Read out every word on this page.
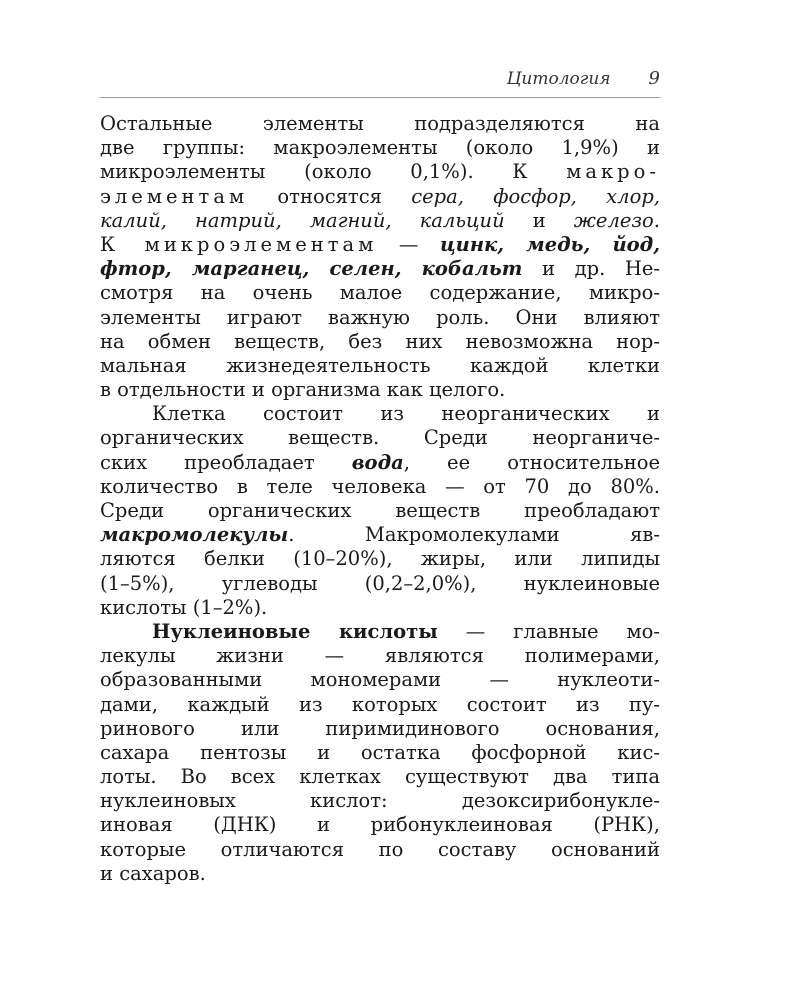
Цитология 9
Остальные элементы подразделяются на
две группы: макроэлементы (около 1,9%) и
микроэлементы (около 0,1%). К макро-
элементам относятся сера, фосфор, хлор,
калий, натрий, магний, кальций и железо.
К микроэлементам — цинк, медь, йод,
фтор, марганец, селен, кобальт и др. Не-
смотря на очень малое содержание, микро-
элементы играют важную роль. Они влияют
на обмен веществ, без них невозможна нор-
мальная жизнедеятельность каждой клетки
в отдельности и организма как целого.
Клетка состоит из неорганических и
органических веществ. Среди неорганиче-
ских преобладает вода, ее относительное
количество в теле человека — от 70 до 80%.
Среди органических веществ преобладают
макромолекулы. Макромолекулами яв-
ляются белки (10–20%), жиры, или липиды
(1–5%), углеводы (0,2–2,0%), нуклеиновые
кислоты (1–2%).
Нуклеиновые кислоты — главные мо-
лекулы жизни — являются полимерами,
образованными мономерами — нуклеоти-
дами, каждый из которых состоит из пу-
ринового или пиримидинового основания,
сахара пентозы и остатка фосфорной кис-
лоты. Во всех клетках существуют два типа
нуклеиновых кислот: дезоксирибонукле-
иновая (ДНК) и рибонуклеиновая (РНК),
которые отличаются по составу оснований
и сахаров.
